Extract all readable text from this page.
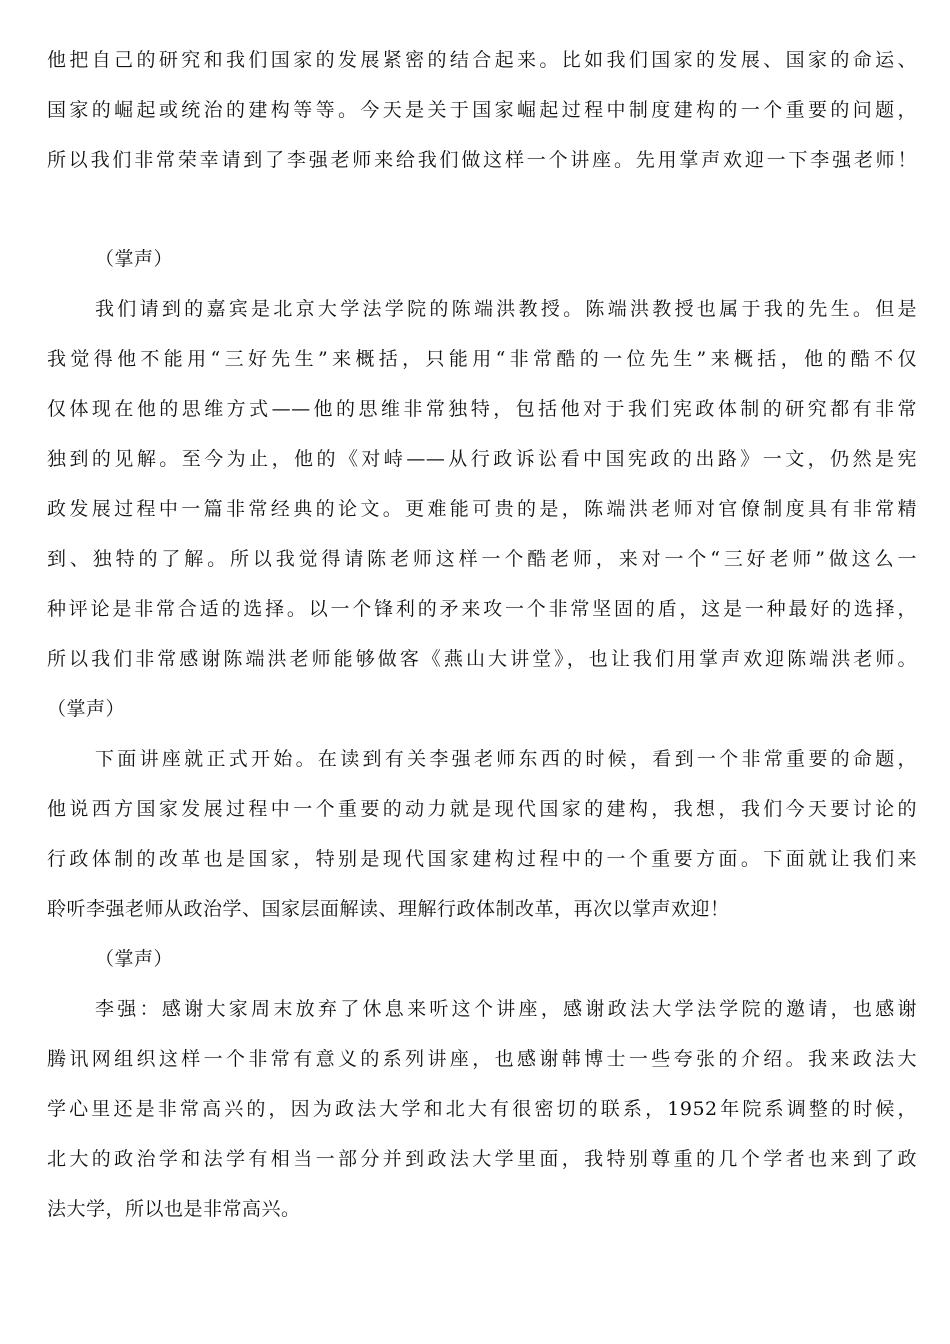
他把自己的研究和我们国家的发展紧密的结合起来。比如我们国家的发展、国家的命运、
国家的崛起或统治的建构等等。今天是关于国家崛起过程中制度建构的一个重要的问题，
所以我们非常荣幸请到了李强老师来给我们做这样一个讲座。先用掌声欢迎一下李强老师！
（掌声）
我们请到的嘉宾是北京大学法学院的陈端洪教授。陈端洪教授也属于我的先生。但是
我觉得他不能用“三好先生”来概括，只能用“非常酷的一位先生”来概括，他的酷不仅
仅体现在他的思维方式——他的思维非常独特，包括他对于我们宪政体制的研究都有非常
独到的见解。至今为止，他的《对峙——从行政诉讼看中国宪政的出路》一文，仍然是宪
政发展过程中一篇非常经典的论文。更难能可贵的是，陈端洪老师对官僚制度具有非常精
到、独特的了解。所以我觉得请陈老师这样一个酷老师，来对一个“三好老师”做这么一
种评论是非常合适的选择。以一个锋利的矛来攻一个非常坚固的盾，这是一种最好的选择，
所以我们非常感谢陈端洪老师能够做客《燕山大讲堂》，也让我们用掌声欢迎陈端洪老师。
（掌声）
下面讲座就正式开始。在读到有关李强老师东西的时候，看到一个非常重要的命题，
他说西方国家发展过程中一个重要的动力就是现代国家的建构，我想，我们今天要讨论的
行政体制的改革也是国家，特别是现代国家建构过程中的一个重要方面。下面就让我们来
聆听李强老师从政治学、国家层面解读、理解行政体制改革，再次以掌声欢迎！
（掌声）
李强：感谢大家周末放弃了休息来听这个讲座，感谢政法大学法学院的邀请，也感谢
腾讯网组织这样一个非常有意义的系列讲座，也感谢韩博士一些夸张的介绍。我来政法大
学心里还是非常高兴的，因为政法大学和北大有很密切的联系，1952年院系调整的时候，
北大的政治学和法学有相当一部分并到政法大学里面，我特别尊重的几个学者也来到了政
法大学，所以也是非常高兴。
